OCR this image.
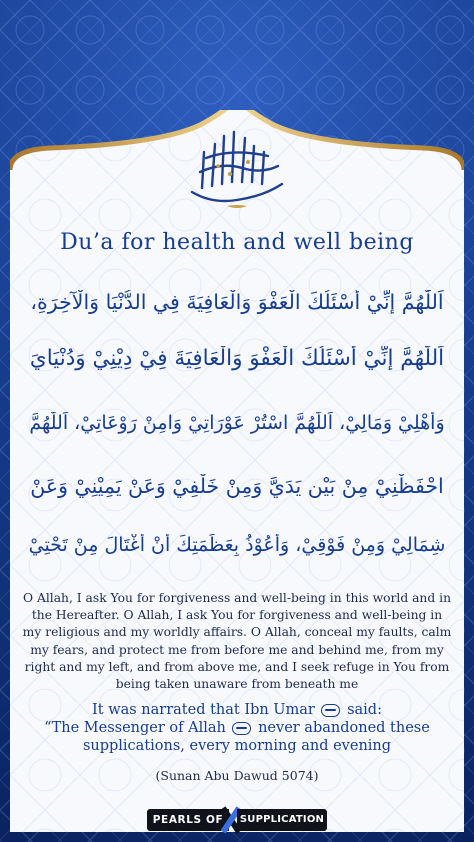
Du’a for health and well being
اَللّٰهُمَّ إِنِّيْ أَسْئَلُكَ الْعَفْوَ وَالْعَافِيَةَ فِي الدُّنْيَا وَالْآخِرَةِ،
اَللّٰهُمَّ إِنِّيْ أَسْئَلُكَ الْعَفْوَ وَالْعَافِيَةَ فِيْ دِيْنِيْ وَدُنْيَايَ
وَأَهْلِيْ وَمَالِيْ، اَللّٰهُمَّ اسْتُرْ عَوْرَاتِيْ وَامِنْ رَوْعَاتِيْ، اَللّٰهُمَّ
احْفَظْنِيْ مِنْ بَيْنِ يَدَيَّ وَمِنْ خَلْفِيْ وَعَنْ يَمِيْنِيْ وَعَنْ
شِمَالِيْ وَمِنْ فَوْقِيْ، وَأَعُوْذُ بِعَظَمَتِكَ أَنْ أُغْتَالَ مِنْ تَحْتِيْ
O Allah, I ask You for forgiveness and well-being in this world and in the Hereafter. O Allah, I ask You for forgiveness and well-being in my religious and my worldly affairs. O Allah, conceal my faults, calm my fears, and protect me from before me and behind me, from my right and my left, and from above me, and I seek refuge in You from being taken unaware from beneath me
It was narrated that Ibn Umar said:
“The Messenger of Allah never abandoned these supplications, every morning and evening
(Sunan Abu Dawud 5074)
PEARLS OF	SUPPLICATION
